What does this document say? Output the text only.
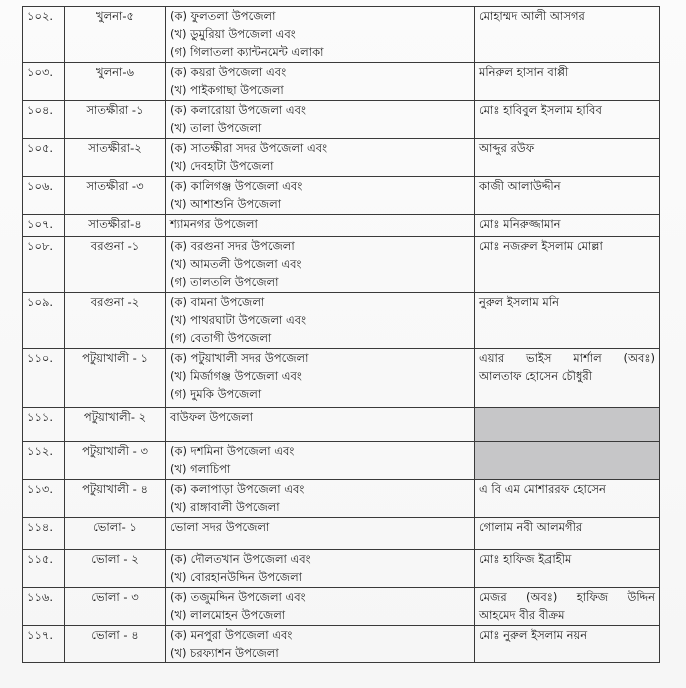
১০২.	খুলনা-৫	(ক) ফুলতলা উপজেলা
(খ) ডুমুরিয়া উপজেলা এবং
(গ) গিলাতলা ক্যান্টনমেন্ট এলাকা	মোহাম্মদ আলী আসগর

১০৩.	খুলনা-৬	(ক) কয়রা উপজেলা এবং
(খ) পাইকগাছা উপজেলা	মনিরুল হাসান বাপ্পী

১০৪.	সাতক্ষীরা -১	(ক) কলারোয়া উপজেলা এবং
(খ) তালা উপজেলা	মোঃ হাবিবুল ইসলাম হাবিব

১০৫.	সাতক্ষীরা-২	(ক) সাতক্ষীরা সদর উপজেলা এবং
(খ) দেবহাটা উপজেলা	আব্দুর রউফ

১০৬.	সাতক্ষীরা -৩	(ক) কালিগঞ্জ উপজেলা এবং
(খ) আশাশুনি উপজেলা	কাজী আলাউদ্দীন

১০৭.	সাতক্ষীরা-৪	শ্যামনগর উপজেলা	মোঃ মনিরুজ্জামান

১০৮.	বরগুনা -১	(ক) বরগুনা সদর উপজেলা
(খ) আমতলী উপজেলা এবং
(গ) তালতলি উপজেলা	মোঃ নজরুল ইসলাম মোল্লা

১০৯.	বরগুনা -২	(ক) বামনা উপজেলা
(খ) পাথরঘাটা উপজেলা এবং
(গ) বেতাগী উপজেলা	নুরুল ইসলাম মনি

১১০.	পটুয়াখালী - ১	(ক) পটুয়াখালী সদর উপজেলা
(খ) মির্জাগঞ্জ উপজেলা এবং
(গ) দুমকি উপজেলা	এয়ার ভাইস মার্শাল (অবঃ)
আলতাফ হোসেন চৌধুরী

১১১.	পটুয়াখালী- ২	বাউফল উপজেলা	

১১২.	পটুয়াখালী - ৩	(ক) দশমিনা উপজেলা এবং
(খ) গলাচিপা	

১১৩.	পটুয়াখালী - ৪	(ক) কলাপাড়া উপজেলা এবং
(খ) রাঙ্গাবালী উপজেলা	এ বি এম মোশাররফ হোসেন

১১৪.	ভোলা- ১	ভোলা সদর উপজেলা	গোলাম নবী আলমগীর

১১৫.	ভোলা - ২	(ক) দৌলতখান উপজেলা এবং
(খ) বোরহানউদ্দিন উপজেলা	মোঃ হাফিজ ইব্রাহীম

১১৬.	ভোলা - ৩	(ক) তজুমদ্দিন উপজেলা এবং
(খ) লালমোহন উপজেলা	মেজর (অবঃ) হাফিজ উদ্দিন
আহমেদ বীর বীক্রম

১১৭.	ভোলা - ৪	(ক) মনপুরা উপজেলা এবং
(খ) চরফ্যাশন উপজেলা	মোঃ নুরুল ইসলাম নয়ন
